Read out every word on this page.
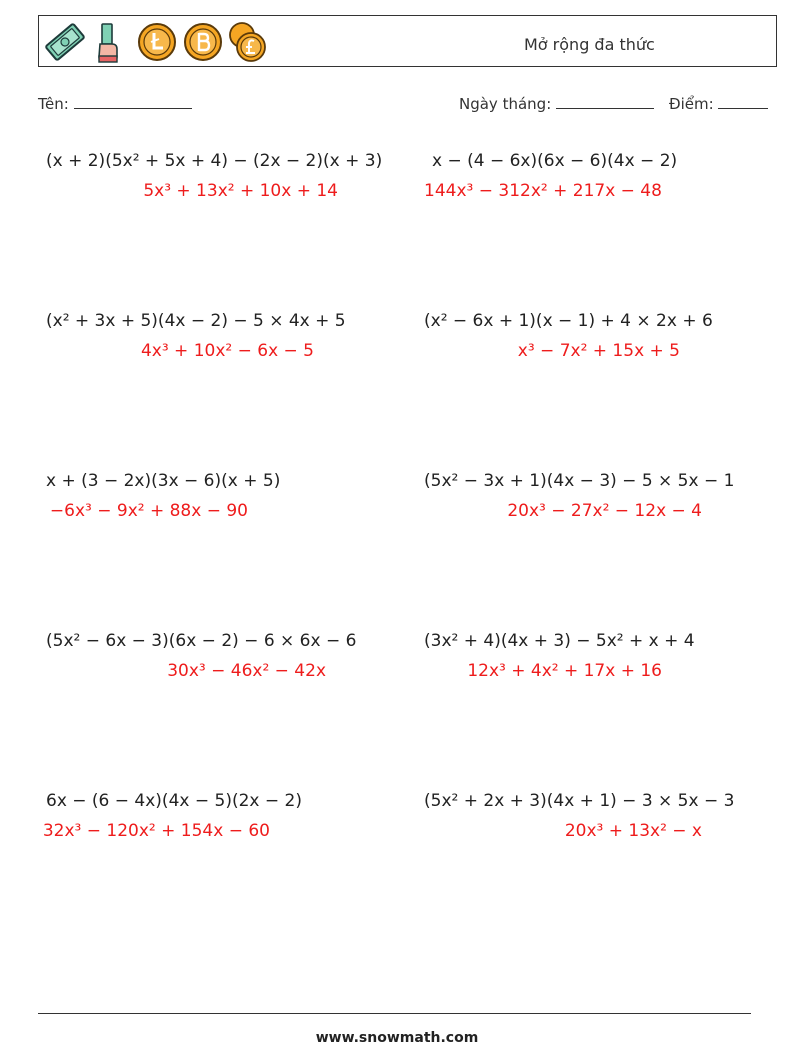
Mở rộng đa thức
Tên:	Ngày tháng:	Điểm:
(x + 2)(5x² + 5x + 4) − (2x − 2)(x + 3)
5x³ + 13x² + 10x + 14
x − (4 − 6x)(6x − 6)(4x − 2)
144x³ − 312x² + 217x − 48
(x² + 3x + 5)(4x − 2) − 5 × 4x + 5
4x³ + 10x² − 6x − 5
(x² − 6x + 1)(x − 1) + 4 × 2x + 6
x³ − 7x² + 15x + 5
x + (3 − 2x)(3x − 6)(x + 5)
−6x³ − 9x² + 88x − 90
(5x² − 3x + 1)(4x − 3) − 5 × 5x − 1
20x³ − 27x² − 12x − 4
(5x² − 6x − 3)(6x − 2) − 6 × 6x − 6
30x³ − 46x² − 42x
(3x² + 4)(4x + 3) − 5x² + x + 4
12x³ + 4x² + 17x + 16
6x − (6 − 4x)(4x − 5)(2x − 2)
32x³ − 120x² + 154x − 60
(5x² + 2x + 3)(4x + 1) − 3 × 5x − 3
20x³ + 13x² − x
www.snowmath.com
